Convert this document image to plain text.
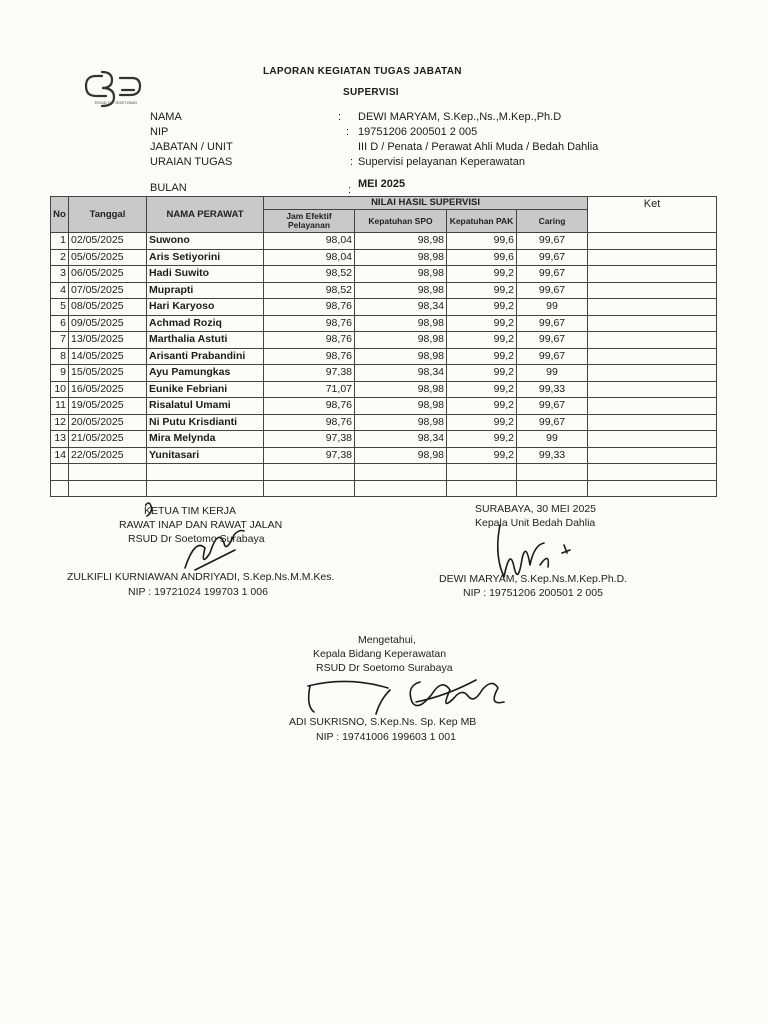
RSUD Dr. SOETOMO
LAPORAN KEGIATAN TUGAS JABATAN
SUPERVISI
NAMA	: DEWI MARYAM, S.Kep.,Ns.,M.Kep.,Ph.D
NIP	: 19751206 200501 2 005
JABATAN / UNIT	III D / Penata / Perawat Ahli Muda / Bedah Dahlia
URAIAN TUGAS	: Supervisi pelayanan Keperawatan
BULAN	: MEI 2025
No	Tanggal	NAMA PERAWAT	NILAI HASIL SUPERVISI				Ket
			Jam Efektif Pelayanan	Kepatuhan SPO	Kepatuhan PAK	Caring	
1	02/05/2025	Suwono	98,04	98,98	99,6	99,67	
2	05/05/2025	Aris Setiyorini	98,04	98,98	99,6	99,67	
3	06/05/2025	Hadi Suwito	98,52	98,98	99,2	99,67	
4	07/05/2025	Muprapti	98,52	98,98	99,2	99,67	
5	08/05/2025	Hari Karyoso	98,76	98,34	99,2	99	
6	09/05/2025	Achmad Roziq	98,76	98,98	99,2	99,67	
7	13/05/2025	Marthalia Astuti	98,76	98,98	99,2	99,67	
8	14/05/2025	Arisanti Prabandini	98,76	98,98	99,2	99,67	
9	15/05/2025	Ayu Pamungkas	97,38	98,34	99,2	99	
10	16/05/2025	Eunike Febriani	71,07	98,98	99,2	99,33	
11	19/05/2025	Risalatul Umami	98,76	98,98	99,2	99,67	
12	20/05/2025	Ni Putu Krisdianti	98,76	98,98	99,2	99,67	
13	21/05/2025	Mira Melynda	97,38	98,34	99,2	99	
14	22/05/2025	Yunitasari	97,38	98,98	99,2	99,33	

KETUA TIM KERJA
RAWAT INAP DAN RAWAT JALAN
RSUD Dr Soetomo Surabaya
ZULKIFLI KURNIAWAN ANDRIYADI, S.Kep.Ns.M.M.Kes.
NIP : 19721024 199703 1 006
SURABAYA, 30 MEI 2025
Kepala Unit Bedah Dahlia
DEWI MARYAM, S.Kep.Ns.M.Kep.Ph.D.
NIP : 19751206 200501 2 005
Mengetahui,
Kepala Bidang Keperawatan
RSUD Dr Soetomo Surabaya
ADI SUKRISNO, S.Kep.Ns. Sp. Kep MB
NIP : 19741006 199603 1 001
